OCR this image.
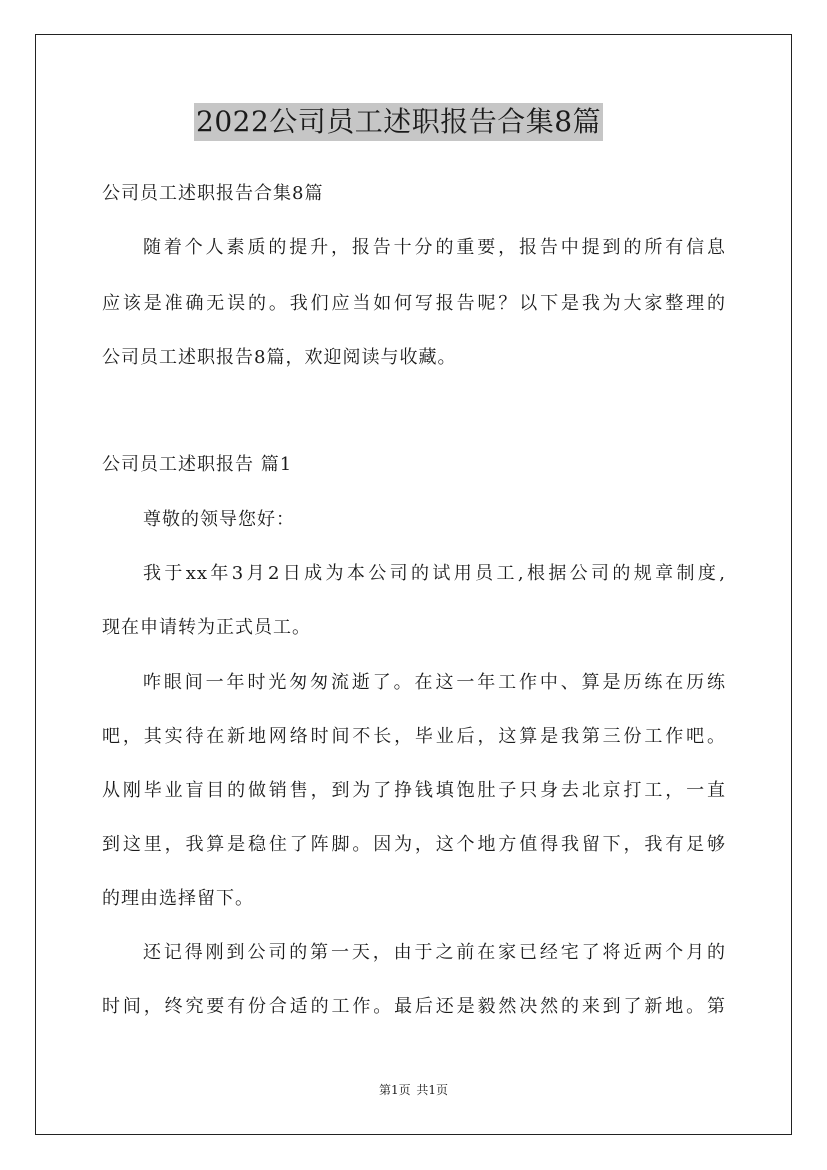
2022公司员工述职报告合集8篇
公司员工述职报告合集8篇
随着个人素质的提升，报告十分的重要，报告中提到的所有信息
应该是准确无误的。我们应当如何写报告呢？以下是我为大家整理的
公司员工述职报告8篇，欢迎阅读与收藏。
公司员工述职报告 篇1
尊敬的领导您好：
我于xx年3月2日成为本公司的试用员工,根据公司的规章制度,
现在申请转为正式员工。
咋眼间一年时光匆匆流逝了。在这一年工作中、算是历练在历练
吧，其实待在新地网络时间不长，毕业后，这算是我第三份工作吧。
从刚毕业盲目的做销售，到为了挣钱填饱肚子只身去北京打工，一直
到这里，我算是稳住了阵脚。因为，这个地方值得我留下，我有足够
的理由选择留下。
还记得刚到公司的第一天，由于之前在家已经宅了将近两个月的
时间，终究要有份合适的工作。最后还是毅然决然的来到了新地。第
第1页 共1页
